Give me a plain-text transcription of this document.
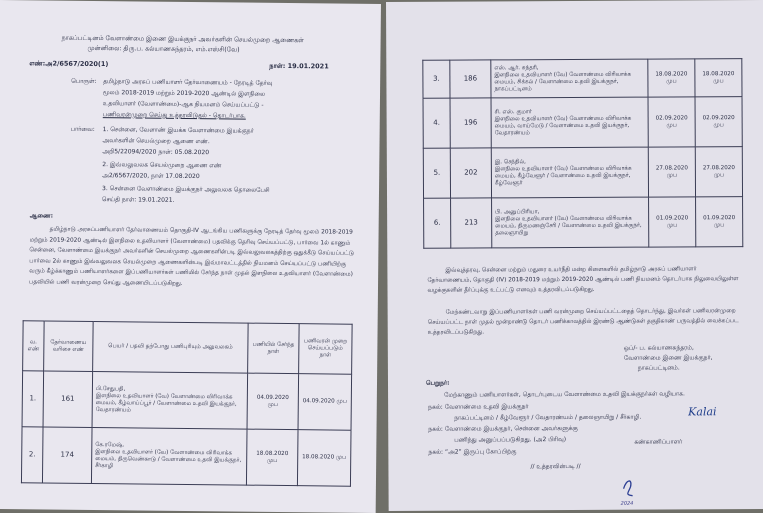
நாகப்பட்டினம் வேளாண்மை இணை இயக்குநர் அவர்களின் செயல்முறை ஆணைகள்
முன்னிலை: திரு.ப. கல்யாணசுந்தரம், எம்.எஸ்சி(வே)
எண்:அ2/6567/2020(1)	நாள்: 19.01.2021
பொருள்: தமிழ்நாடு அரசுப் பணியாளர் தேர்வாணையம் - நேரடித் தேர்வு
மூலம் 2018-2019 மற்றும் 2019-2020 ஆண்டில் இளநிலை
உதவியாளர் (வேளாண்மை)-ஆக நியமனம் செய்யப்பட்டு -
பணிவரன்முறை செய்து உத்தரவிடுதல் - தொடர்பாக.
பார்வை: 1. சென்னை, வேளாண் இயக்க வேளாண்மை இயக்குநர்
அவர்களின் செயல்முறை ஆணை எண்.
அறி5/22094/2020 நாள்: 05.08.2020
2. இவ்வலுவலக செயல்முறை ஆணை எண்
அ2/6567/2020, நாள் 17.08.2020
3. சென்னை வேளாண்மை இயக்குநர் அலுவலக தொலைபேசி
செய்தி நாள்: 19.01.2021.
ஆணை:
தமிழ்நாடு அரசுப்பணியாளர் தேர்வாணையம் தொகுதி-IV ஆடங்கிய பணிகளுக்கு நேரடித் தேர்வு மூலம் 2018-2019 மற்றும் 2019-2020 ஆண்டில் இளநிலை உதவியாளர் (வேளாண்மை) பதவிக்கு தெரிவு செய்யப்பட்டு, பார்வை 1ல் காணும் சென்னை, வேளாண்மை இயக்குநர் அவர்களின் செயல்முறை ஆணைகளின்படி இவ்வலுவலகத்திற்கு ஒதுக்கீடு செய்யப்பட்டு பார்வை 2ல் காணும் இவ்வலுவலக செயல்முறை ஆணைகளின்படி இவ்மாவட்டத்தில் நியமனம் செய்யப்பட்டு பணியிற்கு வரும் கீழ்க்காணும் பணியாளர்களை இப்பணியாளர்கள் பணியில் சேர்ந்த நாள் முதல் இளநிலை உதவியாளர் (வேளாண்மை) பதவியில் பணி வரன்முறை செய்து ஆணையிடப்படுகிறது.
வ. எண்	தேர்வாணைய வரிசை எண்	பெயர் / பதவி தற்போது பணிபுரியும் அலுவலகம்	பணியில் சேர்ந்த நாள்	பணிவரன் முறை செய்யப்படும் நாள்
1.	161	பி.சேதுபதி,
இளநிலை உதவியாளர் (வே) வேளாண்மை விரிவாக்க மையம், கீழ்வாய்ப்பூர் / வேளாண்மை உதவி இயக்குநர், வேதாரண்யம்	04.09.2020 முப	04.09.2020 முப
2.	174	கே.ரமேஷ்,
இளநிலை உதவியாளர் (வே) வேளாண்மை விரிவாக்க மையம், திருவெண்காடு / வேளாண்மை உதவி இயக்குநர், சீர்காழி	18.08.2020 முப	18.08.2020 முப
3.	186	எஸ். ஆர். சுந்தரி,
இளநிலை உதவியாளர் (வே) வேளாண்மை விரிவாக்க மையம், சிக்கல் / வேளாண்மை உதவி இயக்குநர், நாகப்பட்டினம்	18.08.2020 முப	18.08.2020 முப
4.	196	சி. எஸ். குமார்
இளநிலை உதவியாளர் (வே) வேளாண்மை விரிவாக்க மையம், வாய்மேடு / வேளாண்மை உதவி இயக்குநர், வேதாரண்யம்	02.09.2020 முப	02.09.2020 முப
5.	202	இ. செந்தில்,
இளநிலை உதவியாளர் (வே) வேளாண்மை விரிவாக்க மையம், கீழ்வேளூர் / வேளாண்மை உதவி இயக்குநர், கீழ்வேளூர்	27.08.2020 முப	27.08.2020 முப
6.	213	பி. அனுப்பிரியா,
இளநிலை உதவியாளர் (வே) வேளாண்மை விரிவாக்க மையம், திருமணஞ்சேரி / வேளாண்மை உதவி இயக்குநர், தலைஞாயிறு	01.09.2020 முப	01.09.2020 முப
இவ்வுத்தரவு, சென்னை மற்றும் மதுரை உயர்நீதி மன்ற கிளைகளில் தமிழ்நாடு அரசுப் பணியாளர் தேர்வாணையம், தொகுதி (IV) 2018-2019 மற்றும் 2019-2020 ஆண்டில் பணி நியமனம் தொடர்பாக நிலுவையிலுள்ள வழக்குகளின் தீர்ப்புக்கு உட்பட்டு எனவும் உத்தரவிடப்படுகிறது.
மேற்கண்டவாறு இப்பணியாளர்கள் பணி வரன்முறை செய்யப்பட்டதைத் தொடர்ந்து, இவர்கள் பணிவரன்முறை செய்யப்பட்ட நாள் முதல் மூன்றாண்டு தொடர் பணிக்காலத்தில் இரண்டு ஆண்டுகள் தகுதிகாண் பருவத்தில் வைக்கப்பட உத்தரவிடப்படுகிறது.
ஒப்/- ப. கல்யாணசுந்தரம்,
வேளாண்மை இணை இயக்குநர்,
நாகப்பட்டினம்.
பெறுநர்:
மேற்காணும் பணியாளர்கள், தொடர்புடைய வேளாண்மை உதவி இயக்குநர்கள் வழியாக.
நகல்: வேளாண்மை உதவி இயக்குநர்
நாகப்பட்டினம் / கீழ்வேளூர் / வேதாரண்யம் / தலைஞாயிறு / சீர்காழி.
நகல்: வேளாண்மை இயக்குநர், சென்னை அவர்களுக்கு
பணிந்து அனுப்பப்படுகிறது. (அ2 பிரிவு)
நகல்: “அ2” இருப்பு கோப்பிற்கு
// உத்தரவின்படி //
Kalai
கண்காணிப்பாளர்
2024
